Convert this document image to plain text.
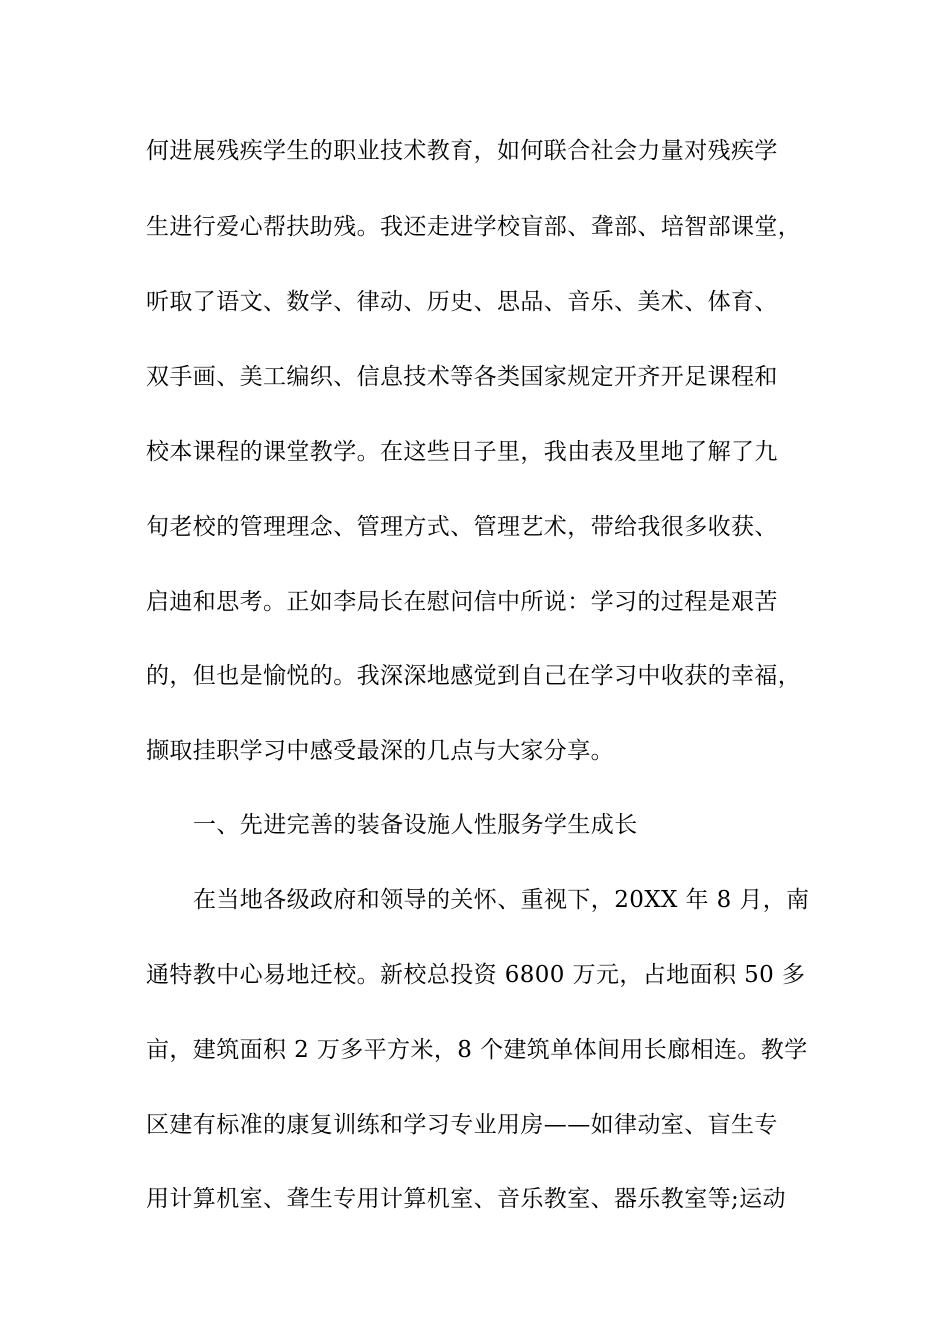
何进展残疾学生的职业技术教育，如何联合社会力量对残疾学
生进行爱心帮扶助残。我还走进学校盲部、聋部、培智部课堂，
听取了语文、数学、律动、历史、思品、音乐、美术、体育、
双手画、美工编织、信息技术等各类国家规定开齐开足课程和
校本课程的课堂教学。在这些日子里，我由表及里地了解了九
旬老校的管理理念、管理方式、管理艺术，带给我很多收获、
启迪和思考。正如李局长在慰问信中所说：学习的过程是艰苦
的，但也是愉悦的。我深深地感觉到自己在学习中收获的幸福，
撷取挂职学习中感受最深的几点与大家分享。
一、先进完善的装备设施人性服务学生成长
在当地各级政府和领导的关怀、重视下，20XX 年 8 月，南
通特教中心易地迁校。新校总投资 6800 万元，占地面积 50 多
亩，建筑面积 2 万多平方米，8 个建筑单体间用长廊相连。教学
区建有标准的康复训练和学习专业用房——如律动室、盲生专
用计算机室、聋生专用计算机室、音乐教室、器乐教室等;运动
